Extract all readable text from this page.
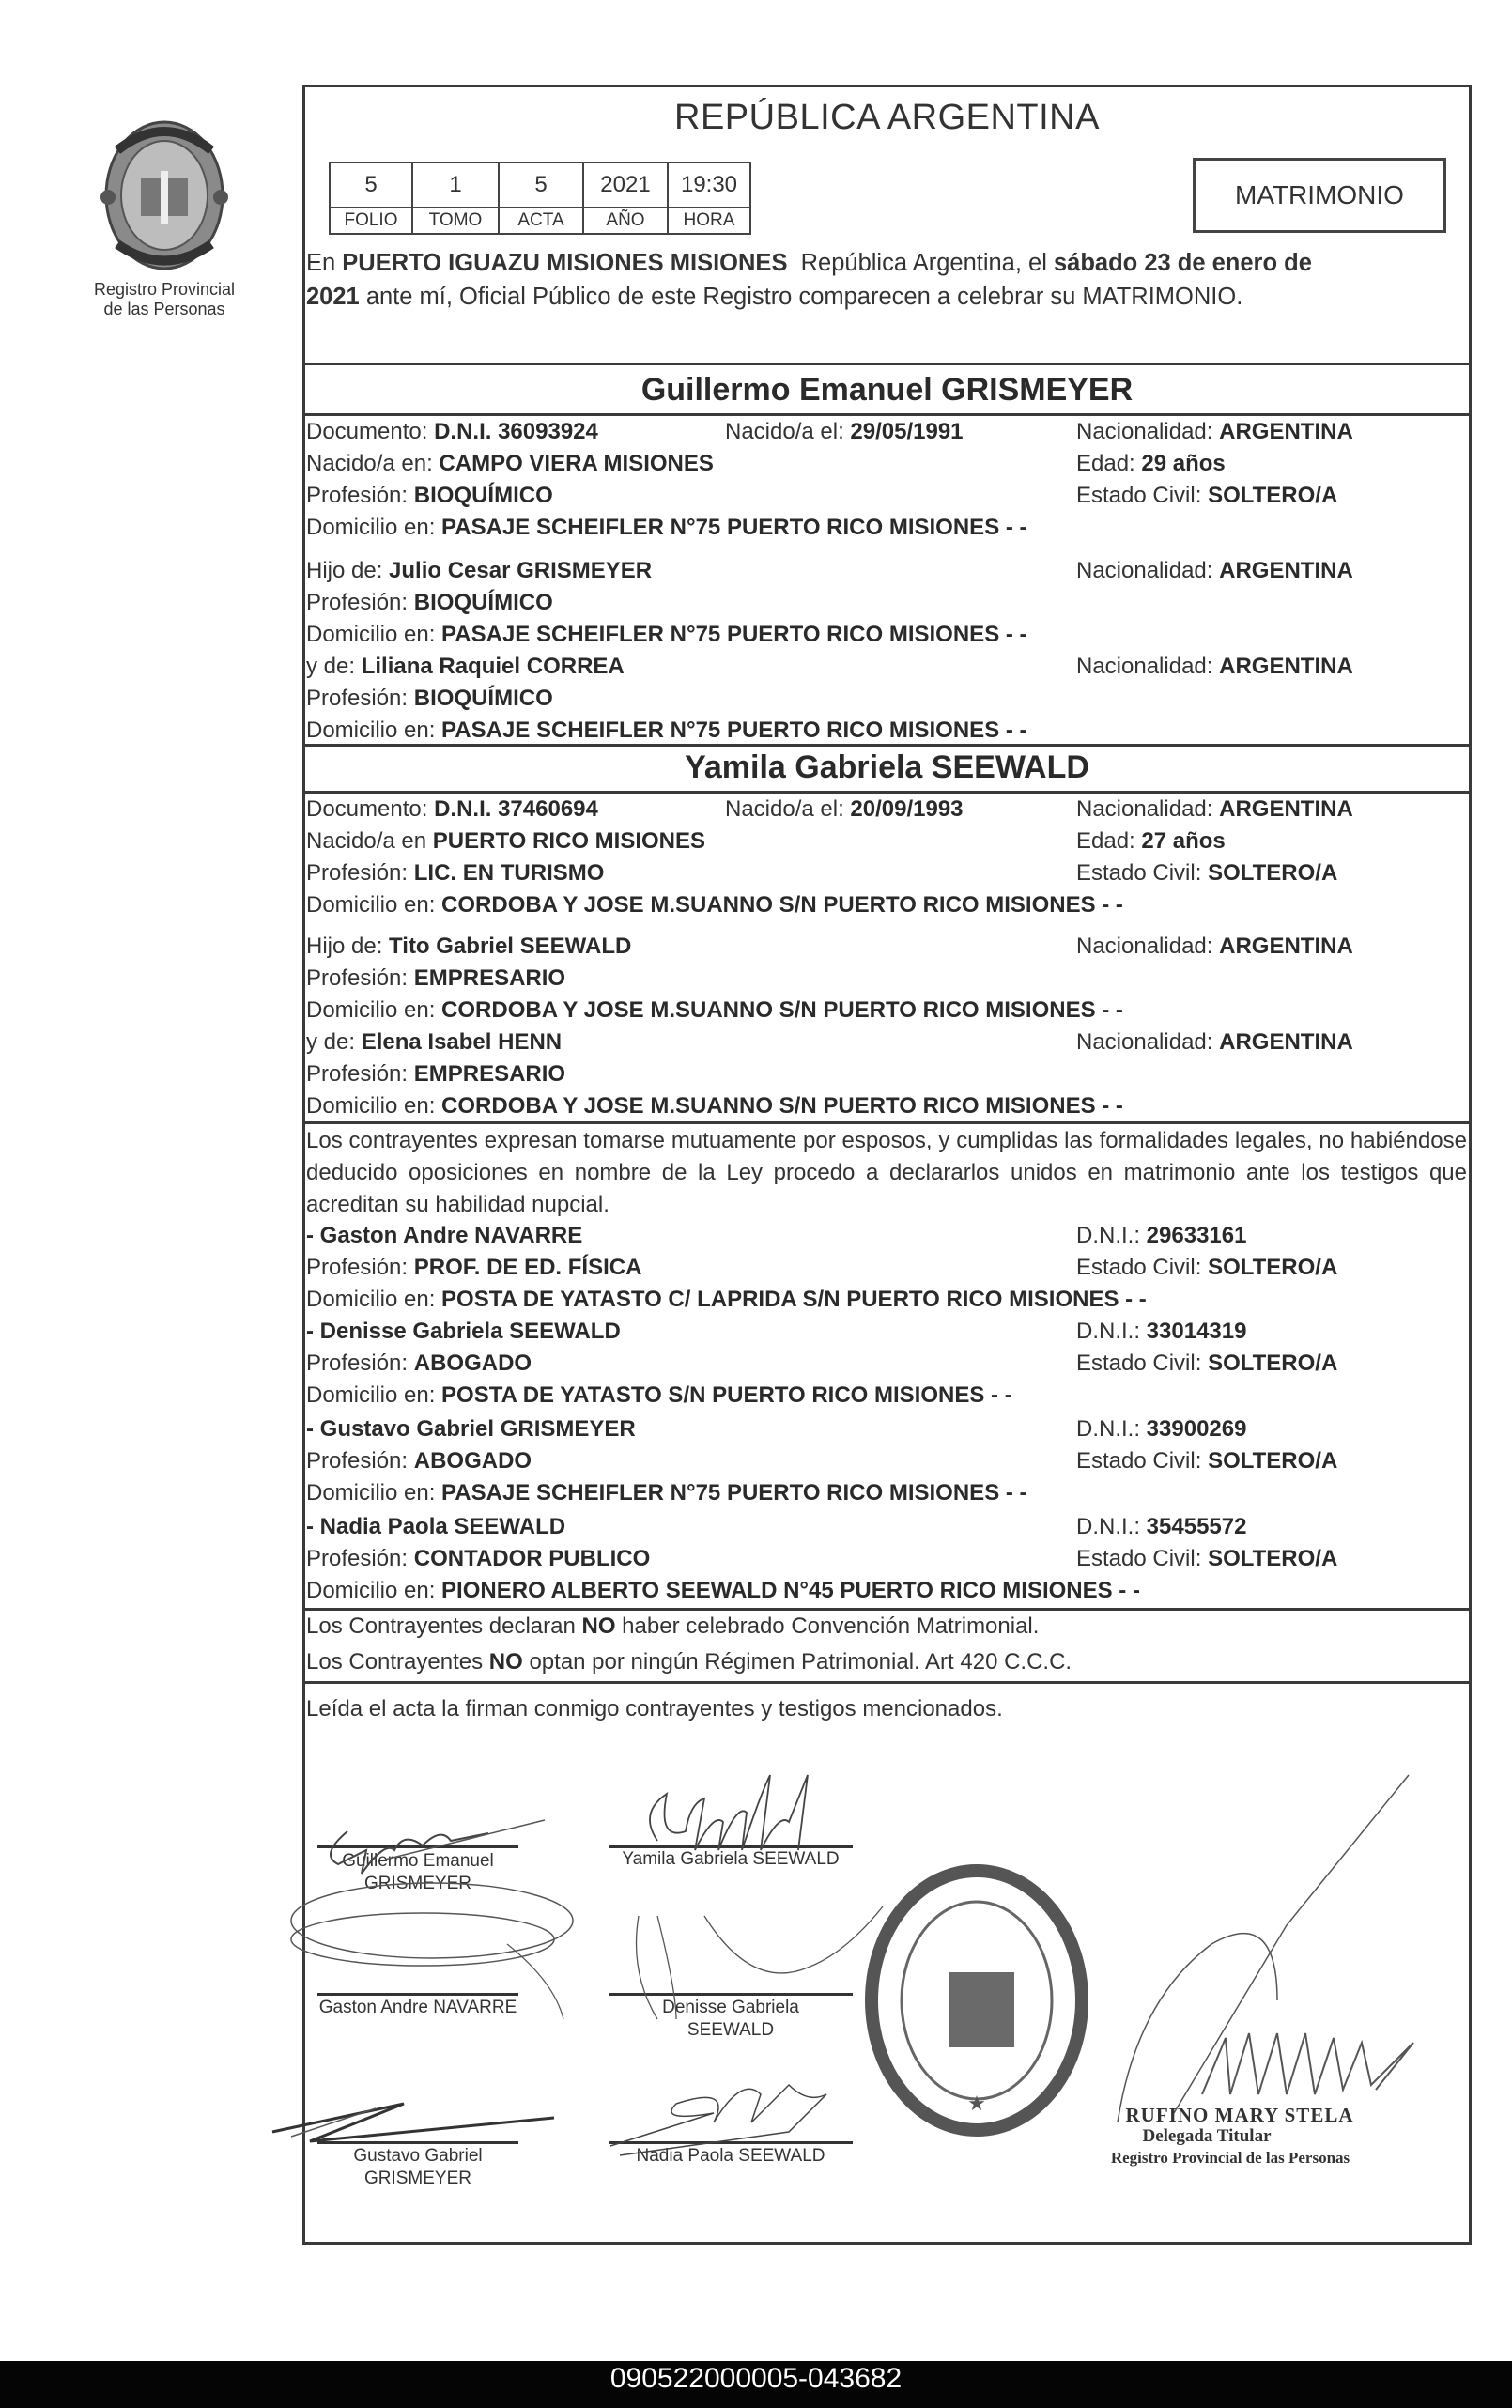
Registro Provincial
de las Personas
REPÚBLICA ARGENTINA
5	1	5	2021	19:30
FOLIO	TOMO	ACTA	AÑO	HORA
MATRIMONIO
En PUERTO IGUAZU MISIONES MISIONES  República Argentina, el sábado 23 de enero de
2021 ante mí, Oficial Público de este Registro comparecen a celebrar su MATRIMONIO.
Guillermo Emanuel GRISMEYER
Documento: D.N.I. 36093924	Nacido/a el: 29/05/1991	Nacionalidad: ARGENTINA
Nacido/a en: CAMPO VIERA MISIONES	Edad: 29 años
Profesión: BIOQUÍMICO	Estado Civil: SOLTERO/A
Domicilio en: PASAJE SCHEIFLER N°75 PUERTO RICO MISIONES - -
Hijo de: Julio Cesar GRISMEYER	Nacionalidad: ARGENTINA
Profesión: BIOQUÍMICO
Domicilio en: PASAJE SCHEIFLER N°75 PUERTO RICO MISIONES - -
y de: Liliana Raquiel CORREA	Nacionalidad: ARGENTINA
Profesión: BIOQUÍMICO
Domicilio en: PASAJE SCHEIFLER N°75 PUERTO RICO MISIONES - -
Yamila Gabriela SEEWALD
Documento: D.N.I. 37460694	Nacido/a el: 20/09/1993	Nacionalidad: ARGENTINA
Nacido/a en PUERTO RICO MISIONES	Edad: 27 años
Profesión: LIC. EN TURISMO	Estado Civil: SOLTERO/A
Domicilio en: CORDOBA Y JOSE M.SUANNO S/N PUERTO RICO MISIONES - -
Hijo de: Tito Gabriel SEEWALD	Nacionalidad: ARGENTINA
Profesión: EMPRESARIO
Domicilio en: CORDOBA Y JOSE M.SUANNO S/N PUERTO RICO MISIONES - -
y de: Elena Isabel HENN	Nacionalidad: ARGENTINA
Profesión: EMPRESARIO
Domicilio en: CORDOBA Y JOSE M.SUANNO S/N PUERTO RICO MISIONES - -
Los contrayentes expresan tomarse mutuamente por esposos, y cumplidas las formalidades legales, no habiéndose deducido oposiciones en nombre de la Ley procedo a declararlos unidos en matrimonio ante los testigos que acreditan su habilidad nupcial.
- Gaston Andre NAVARRE	D.N.I.: 29633161
Profesión: PROF. DE ED. FÍSICA	Estado Civil: SOLTERO/A
Domicilio en: POSTA DE YATASTO C/ LAPRIDA S/N PUERTO RICO MISIONES - -
- Denisse Gabriela SEEWALD	D.N.I.: 33014319
Profesión: ABOGADO	Estado Civil: SOLTERO/A
Domicilio en: POSTA DE YATASTO S/N PUERTO RICO MISIONES - -
- Gustavo Gabriel GRISMEYER	D.N.I.: 33900269
Profesión: ABOGADO	Estado Civil: SOLTERO/A
Domicilio en: PASAJE SCHEIFLER N°75 PUERTO RICO MISIONES - -
- Nadia Paola SEEWALD	D.N.I.: 35455572
Profesión: CONTADOR PUBLICO	Estado Civil: SOLTERO/A
Domicilio en: PIONERO ALBERTO SEEWALD N°45 PUERTO RICO MISIONES - -
Los Contrayentes declaran NO haber celebrado Convención Matrimonial.
Los Contrayentes NO optan por ningún Régimen Patrimonial. Art 420 C.C.C.
Leída el acta la firman conmigo contrayentes y testigos mencionados.
Guillermo Emanuel
GRISMEYER
Yamila Gabriela SEEWALD
Gaston Andre NAVARRE	Denisse Gabriela
SEEWALD
Gustavo Gabriel
GRISMEYER
Nadia Paola SEEWALD
★	RUFINO MARY STELA
Delegada Titular
Registro Provincial de las Personas
090522000005-043682
